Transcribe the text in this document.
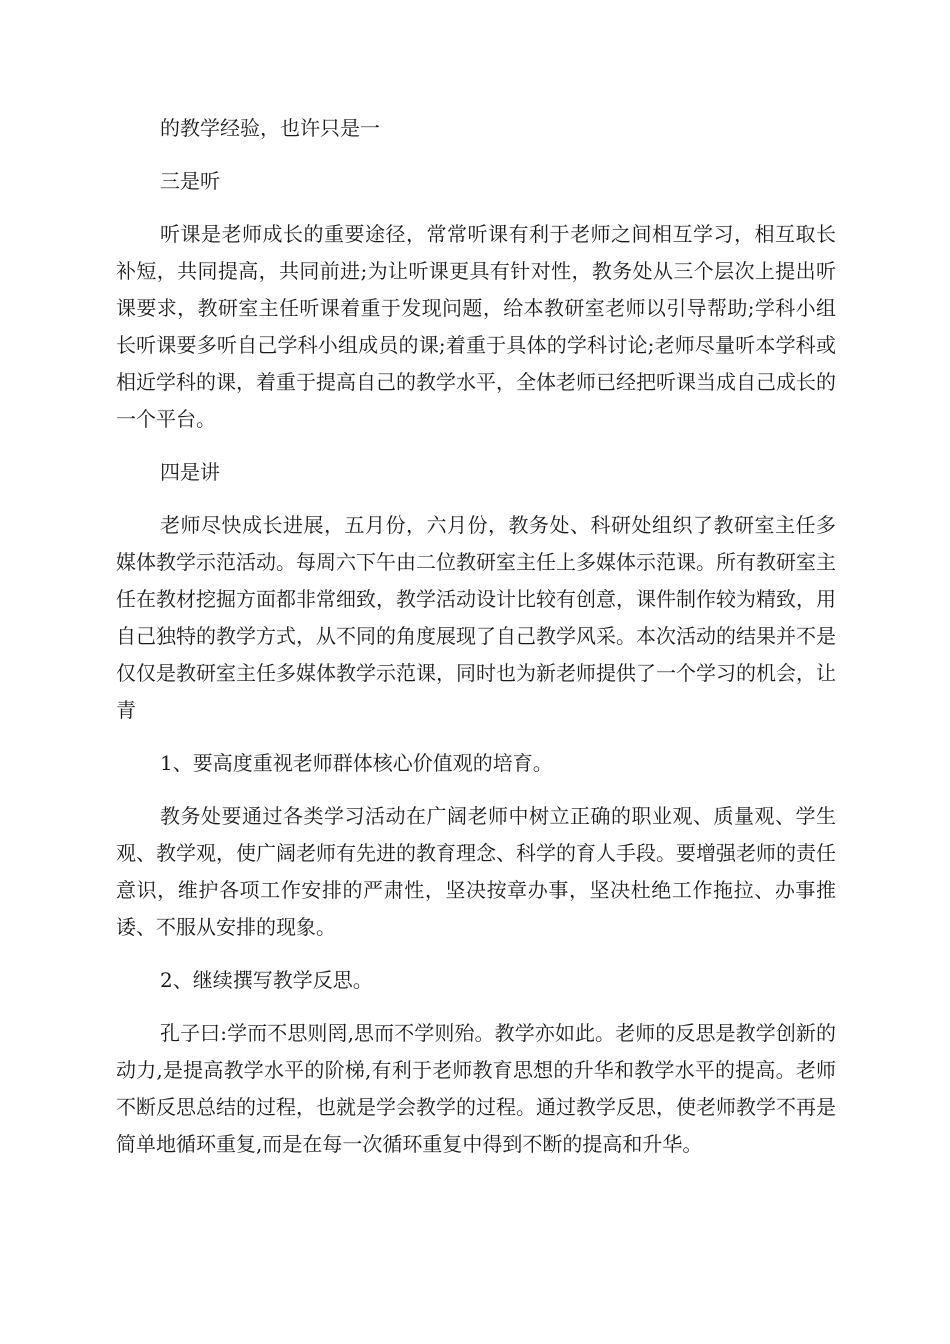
的教学经验，也许只是一

三是听

听课是老师成长的重要途径，常常听课有利于老师之间相互学习，相互取长补短，共同提高，共同前进;为让听课更具有针对性，教务处从三个层次上提出听课要求，教研室主任听课着重于发现问题，给本教研室老师以引导帮助;学科小组长听课要多听自己学科小组成员的课;着重于具体的学科讨论;老师尽量听本学科或相近学科的课，着重于提高自己的教学水平，全体老师已经把听课当成自己成长的一个平台。

四是讲

老师尽快成长进展，五月份，六月份，教务处、科研处组织了教研室主任多媒体教学示范活动。每周六下午由二位教研室主任上多媒体示范课。所有教研室主任在教材挖掘方面都非常细致，教学活动设计比较有创意，课件制作较为精致，用自己独特的教学方式，从不同的角度展现了自己教学风采。本次活动的结果并不是仅仅是教研室主任多媒体教学示范课，同时也为新老师提供了一个学习的机会，让青

1、要高度重视老师群体核心价值观的培育。

教务处要通过各类学习活动在广阔老师中树立正确的职业观、质量观、学生观、教学观，使广阔老师有先进的教育理念、科学的育人手段。要增强老师的责任意识，维护各项工作安排的严肃性，坚决按章办事，坚决杜绝工作拖拉、办事推诿、不服从安排的现象。

2、继续撰写教学反思。

孔子曰:学而不思则罔,思而不学则殆。教学亦如此。老师的反思是教学创新的动力,是提高教学水平的阶梯,有利于老师教育思想的升华和教学水平的提高。老师不断反思总结的过程，也就是学会教学的过程。通过教学反思，使老师教学不再是简单地循环重复,而是在每一次循环重复中得到不断的提高和升华。
